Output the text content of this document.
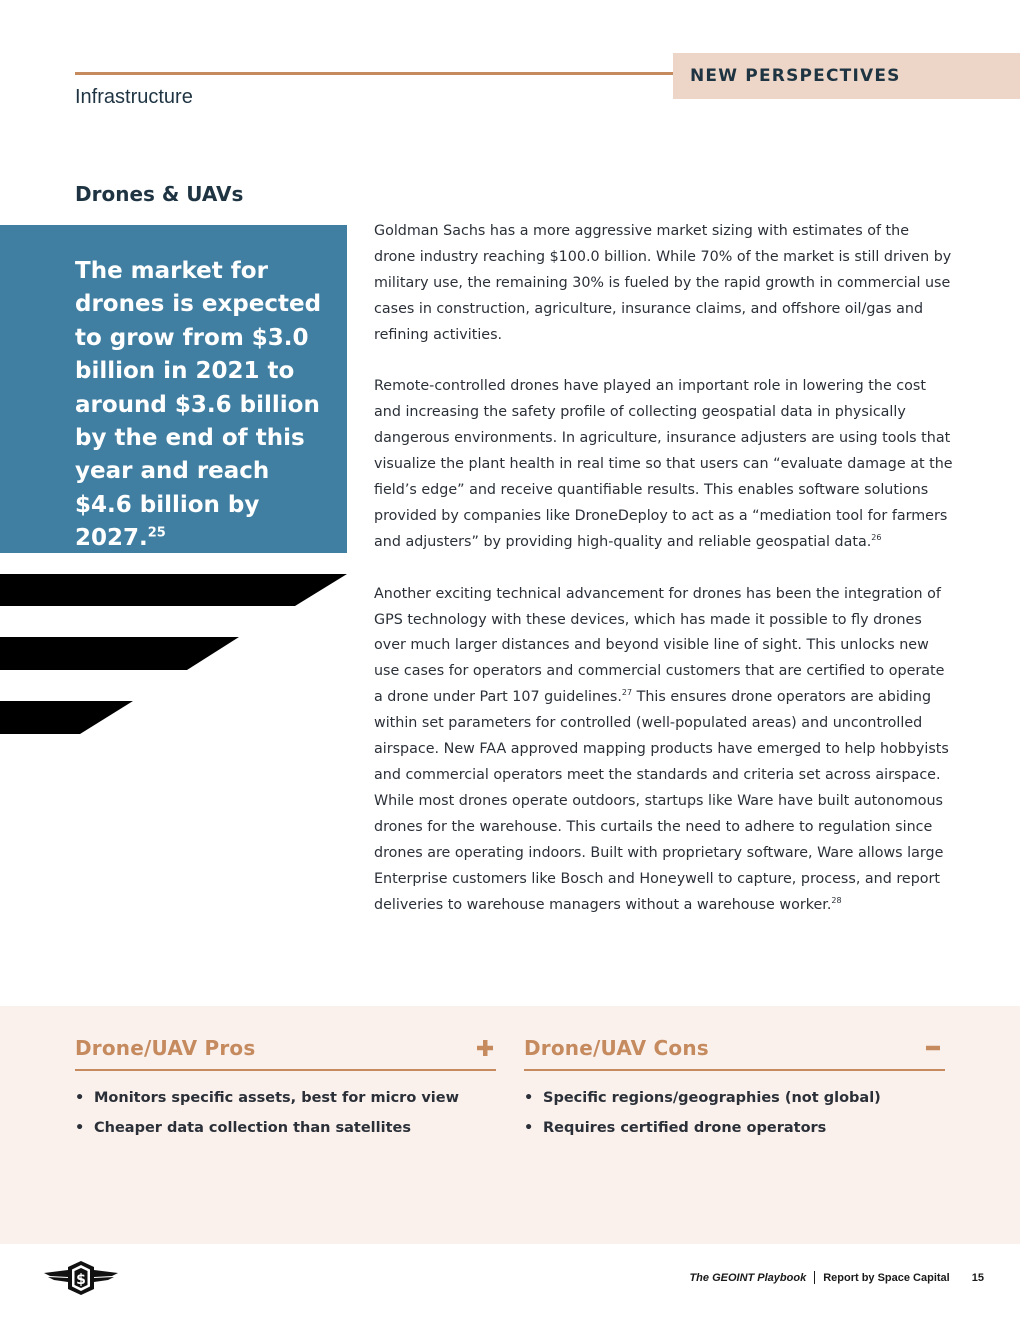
NEW PERSPECTIVES
Infrastructure
Drones & UAVs

The market for drones is expected to grow from $3.0 billion in 2021 to around $3.6 billion by the end of this year and reach $4.6 billion by 2027.25

Goldman Sachs has a more aggressive market sizing with estimates of the drone industry reaching $100.0 billion. While 70% of the market is still driven by military use, the remaining 30% is fueled by the rapid growth in commercial use cases in construction, agriculture, insurance claims, and offshore oil/gas and refining activities.

Remote-controlled drones have played an important role in lowering the cost and increasing the safety profile of collecting geospatial data in physically dangerous environments. In agriculture, insurance adjusters are using tools that visualize the plant health in real time so that users can “evaluate damage at the field’s edge” and receive quantifiable results. This enables software solutions provided by companies like DroneDeploy to act as a “mediation tool for farmers and adjusters” by providing high-quality and reliable geospatial data.$^{26}$

Another exciting technical advancement for drones has been the integration of GPS technology with these devices, which has made it possible to fly drones over much larger distances and beyond visible line of sight. This unlocks new use cases for operators and commercial customers that are certified to operate a drone under Part 107 guidelines.$^{27}$ This ensures drone operators are abiding within set parameters for controlled (well-populated areas) and uncontrolled airspace. New FAA approved mapping products have emerged to help hobbyists and commercial operators meet the standards and criteria set across airspace. While most drones operate outdoors, startups like Ware have built autonomous drones for the warehouse. This curtails the need to adhere to regulation since drones are operating indoors. Built with proprietary software, Ware allows large Enterprise customers like Bosch and Honeywell to capture, process, and report deliveries to warehouse managers without a warehouse worker.$^{28}$

Drone/UAV Pros
• Monitors specific assets, best for micro view
• Cheaper data collection than satellites
Drone/UAV Cons
• Specific regions/geographies (not global)
• Requires certified drone operators
$	The GEOINT Playbook Report by Space Capital 15
